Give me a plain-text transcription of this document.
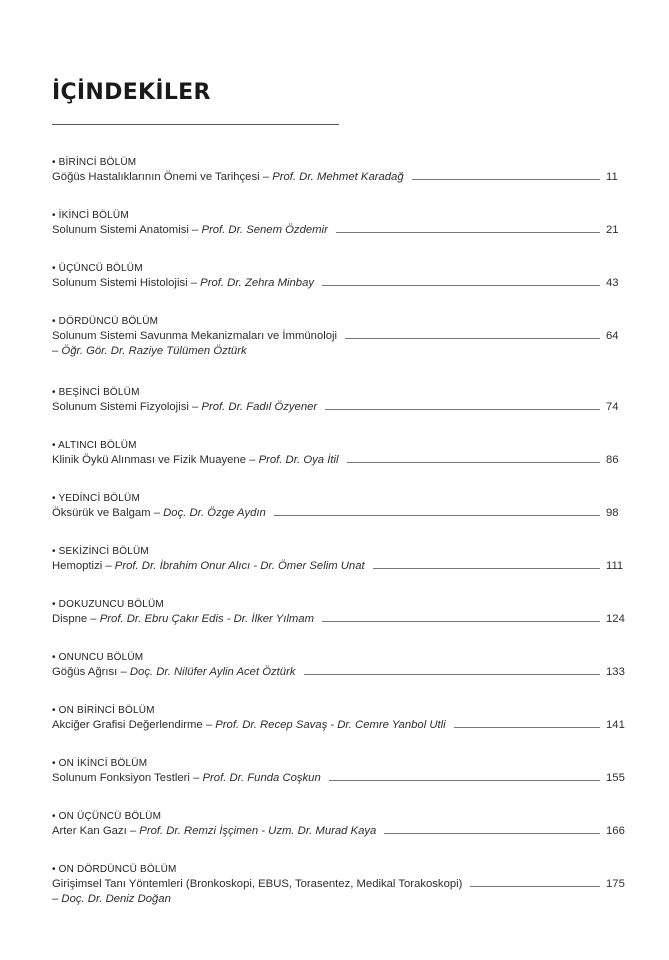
İÇİNDEKİLER
• BİRİNCİ BÖLÜM
Göğüs Hastalıklarının Önemi ve Tarihçesi – Prof. Dr. Mehmet Karadağ	11
• İKİNCİ BÖLÜM
Solunum Sistemi Anatomisi – Prof. Dr. Senem Özdemir	21
• ÜÇÜNCÜ BÖLÜM
Solunum Sistemi Histolojisi – Prof. Dr. Zehra Minbay	43
• DÖRDÜNCÜ BÖLÜM
Solunum Sistemi Savunma Mekanizmaları ve İmmünoloji	64
– Öğr. Gör. Dr. Raziye Tülümen Öztürk
• BEŞİNCİ BÖLÜM
Solunum Sistemi Fizyolojisi – Prof. Dr. Fadıl Özyener	74
• ALTINCI BÖLÜM
Klinik Öykü Alınması ve Fizik Muayene – Prof. Dr. Oya İtil	86
• YEDİNCİ BÖLÜM
Öksürük ve Balgam – Doç. Dr. Özge Aydın	98
• SEKİZİNCİ BÖLÜM
Hemoptizi – Prof. Dr. İbrahim Onur Alıcı - Dr. Ömer Selim Unat	111
• DOKUZUNCU BÖLÜM
Dispne – Prof. Dr. Ebru Çakır Edis - Dr. İlker Yılmam	124
• ONUNCU BÖLÜM
Göğüs Ağrısı – Doç. Dr. Nilüfer Aylin Acet Öztürk	133
• ON BİRİNCİ BÖLÜM
Akciğer Grafisi Değerlendirme – Prof. Dr. Recep Savaş - Dr. Cemre Yanbol Utli	141
• ON İKİNCİ BÖLÜM
Solunum Fonksiyon Testleri – Prof. Dr. Funda Coşkun	155
• ON ÜÇÜNCÜ BÖLÜM
Arter Kan Gazı – Prof. Dr. Remzi İşçimen - Uzm. Dr. Murad Kaya	166
• ON DÖRDÜNCÜ BÖLÜM
Girişimsel Tanı Yöntemleri (Bronkoskopi, EBUS, Torasentez, Medikal Torakoskopi)	175
– Doç. Dr. Deniz Doğan
